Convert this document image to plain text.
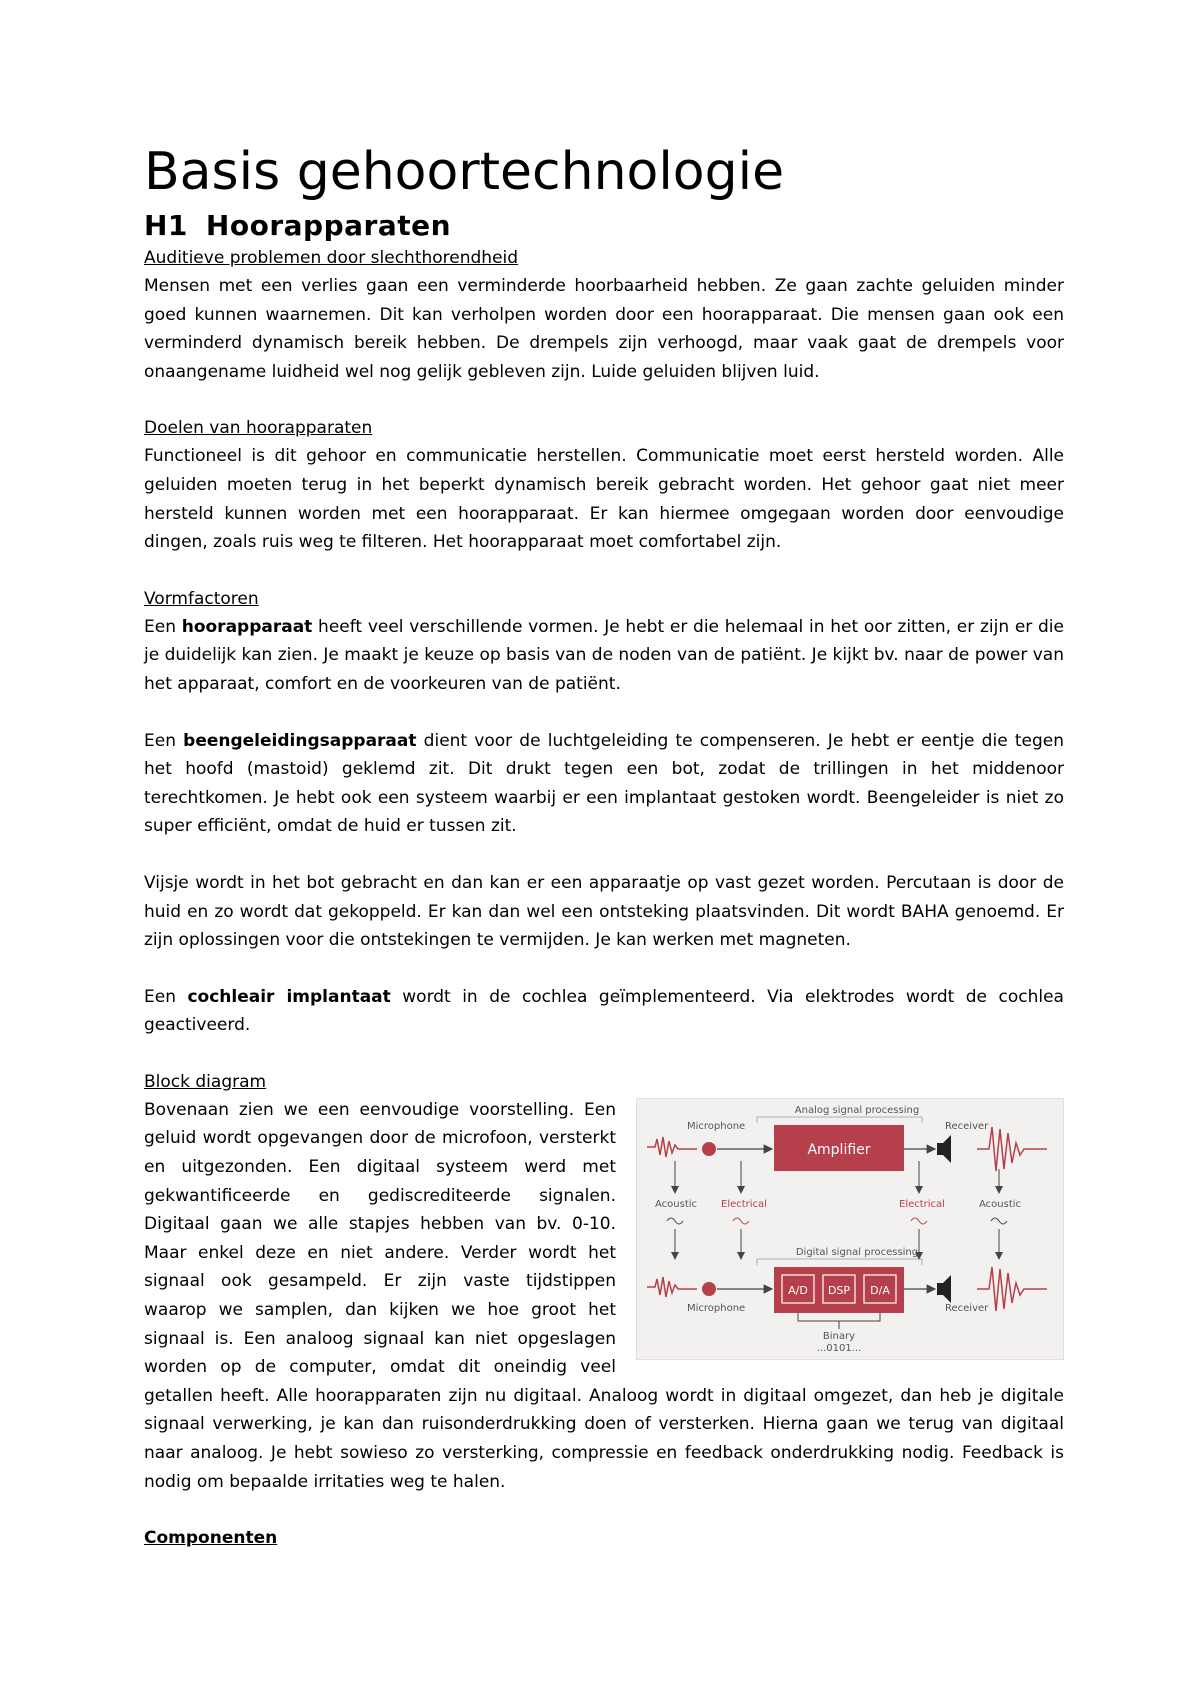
Basis gehoortechnologie
H1 Hoorapparaten
Auditieve problemen door slechthorendheid

Mensen met een verlies gaan een verminderde hoorbaarheid hebben. Ze gaan zachte geluiden minder goed kunnen waarnemen. Dit kan verholpen worden door een hoorapparaat. Die mensen gaan ook een verminderd dynamisch bereik hebben. De drempels zijn verhoogd, maar vaak gaat de drempels voor onaangename luidheid wel nog gelijk gebleven zijn. Luide geluiden blijven luid.

Doelen van hoorapparaten

Functioneel is dit gehoor en communicatie herstellen. Communicatie moet eerst hersteld worden. Alle geluiden moeten terug in het beperkt dynamisch bereik gebracht worden. Het gehoor gaat niet meer hersteld kunnen worden met een hoorapparaat. Er kan hiermee omgegaan worden door eenvoudige dingen, zoals ruis weg te filteren. Het hoorapparaat moet comfortabel zijn.

Vormfactoren

Een hoorapparaat heeft veel verschillende vormen. Je hebt er die helemaal in het oor zitten, er zijn er die je duidelijk kan zien. Je maakt je keuze op basis van de noden van de patiënt. Je kijkt bv. naar de power van het apparaat, comfort en de voorkeuren van de patiënt.

Een beengeleidingsapparaat dient voor de luchtgeleiding te compenseren. Je hebt er eentje die tegen het hoofd (mastoid) geklemd zit. Dit drukt tegen een bot, zodat de trillingen in het middenoor terechtkomen. Je hebt ook een systeem waarbij er een implantaat gestoken wordt. Beengeleider is niet zo super efficiënt, omdat de huid er tussen zit.

Vijsje wordt in het bot gebracht en dan kan er een apparaatje op vast gezet worden. Percutaan is door de huid en zo wordt dat gekoppeld. Er kan dan wel een ontsteking plaatsvinden. Dit wordt BAHA genoemd. Er zijn oplossingen voor die ontstekingen te vermijden. Je kan werken met magneten.

Een cochleair implantaat wordt in de cochlea geïmplementeerd. Via elektrodes wordt de cochlea geactiveerd.

Block diagram
Analog signal processing
Microphone	Receiver
Amplifier
Acoustic Electrical	Electrical	Acoustic
Digital signal processing
A/D DSP D/A
Microphone	Receiver
Binary
...0101...

Bovenaan zien we een eenvoudige voorstelling. Een geluid wordt opgevangen door de microfoon, versterkt en uitgezonden. Een digitaal systeem werd met gekwantificeerde en gediscrediteerde signalen. Digitaal gaan we alle stapjes hebben van bv. 0-10. Maar enkel deze en niet andere. Verder wordt het signaal ook gesampeld. Er zijn vaste tijdstippen waarop we samplen, dan kijken we hoe groot het signaal is. Een analoog signaal kan niet opgeslagen worden op de computer, omdat dit oneindig veel getallen heeft. Alle hoorapparaten zijn nu digitaal. Analoog wordt in digitaal omgezet, dan heb je digitale signaal verwerking, je kan dan ruisonderdrukking doen of versterken. Hierna gaan we terug van digitaal naar analoog. Je hebt sowieso zo versterking, compressie en feedback onderdrukking nodig. Feedback is nodig om bepaalde irritaties weg te halen.

Componenten
